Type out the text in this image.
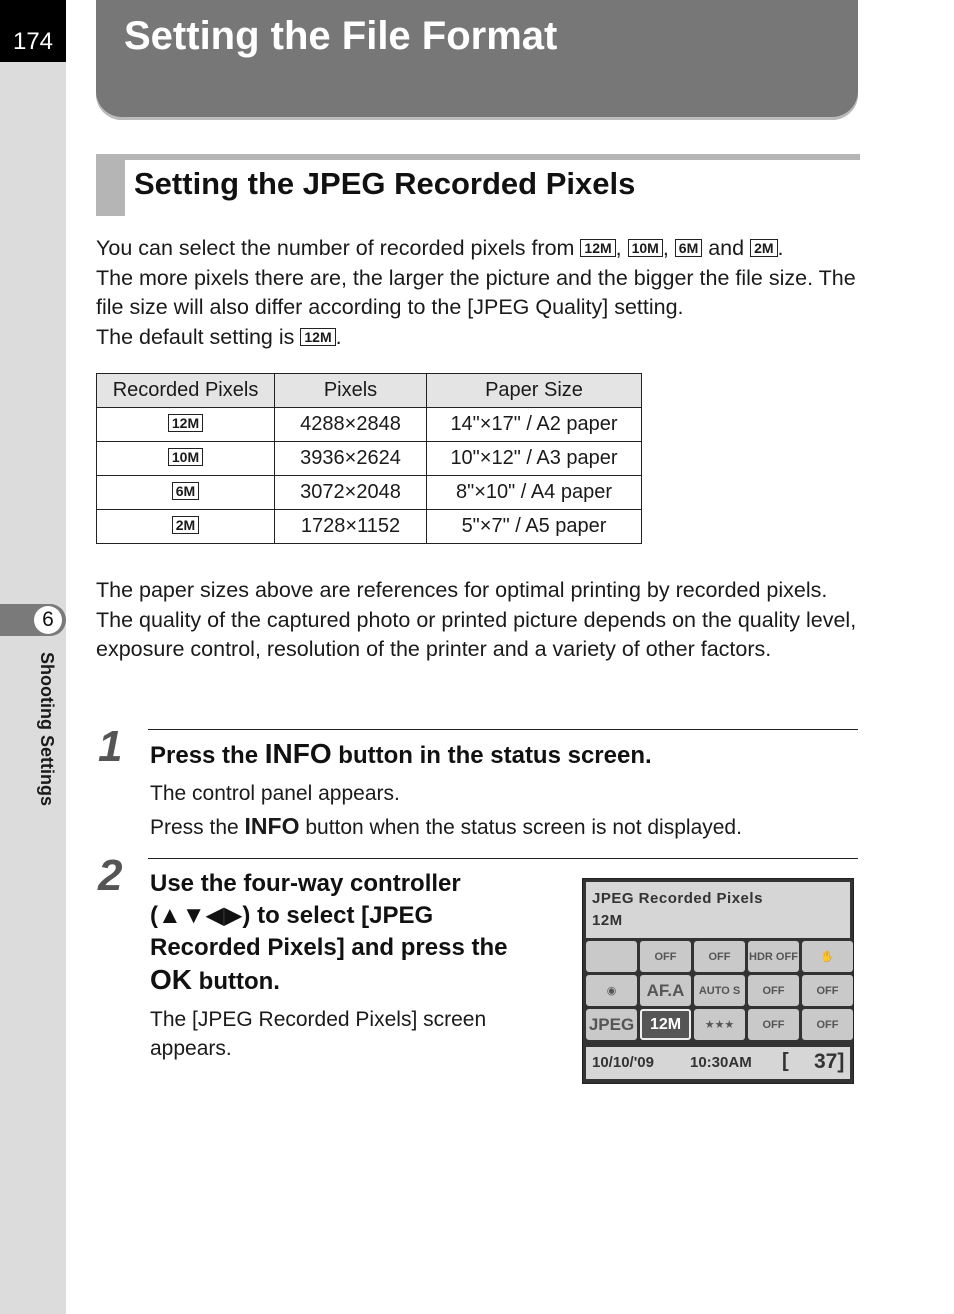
174
6
Shooting Settings
Setting the File Format
Setting the JPEG Recorded Pixels
You can select the number of recorded pixels from 12M , 10M , 6M and 2M .
The more pixels there are, the larger the picture and the bigger the file size. The file size will also differ according to the [JPEG Quality] setting.
The default setting is 12M .
Recorded Pixels	Pixels	Paper Size
12M	4288×2848	14"×17" / A2 paper
10M	3936×2624	10"×12" / A3 paper
6M	3072×2048	8"×10" / A4 paper
2M	1728×1152	5"×7" / A5 paper
The paper sizes above are references for optimal printing by recorded pixels. The quality of the captured photo or printed picture depends on the quality level, exposure control, resolution of the printer and a variety of other factors.
1 Press the INFO button in the status screen.
The control panel appears.
Press the INFO button when the status screen is not displayed.
2 Use the four-way controller
(▲▼◀▶) to select [JPEG
Recorded Pixels] and press the
OK button.
The [JPEG Recorded Pixels] screen
appears.
JPEG Recorded Pixels
12M
OFF	OFF	HDR OFF	✋
◉	AF.A	AUTO S	OFF	OFF
JPEG 12M	★★★	OFF	OFF
10/10/'09 10:30AM [ 37]
